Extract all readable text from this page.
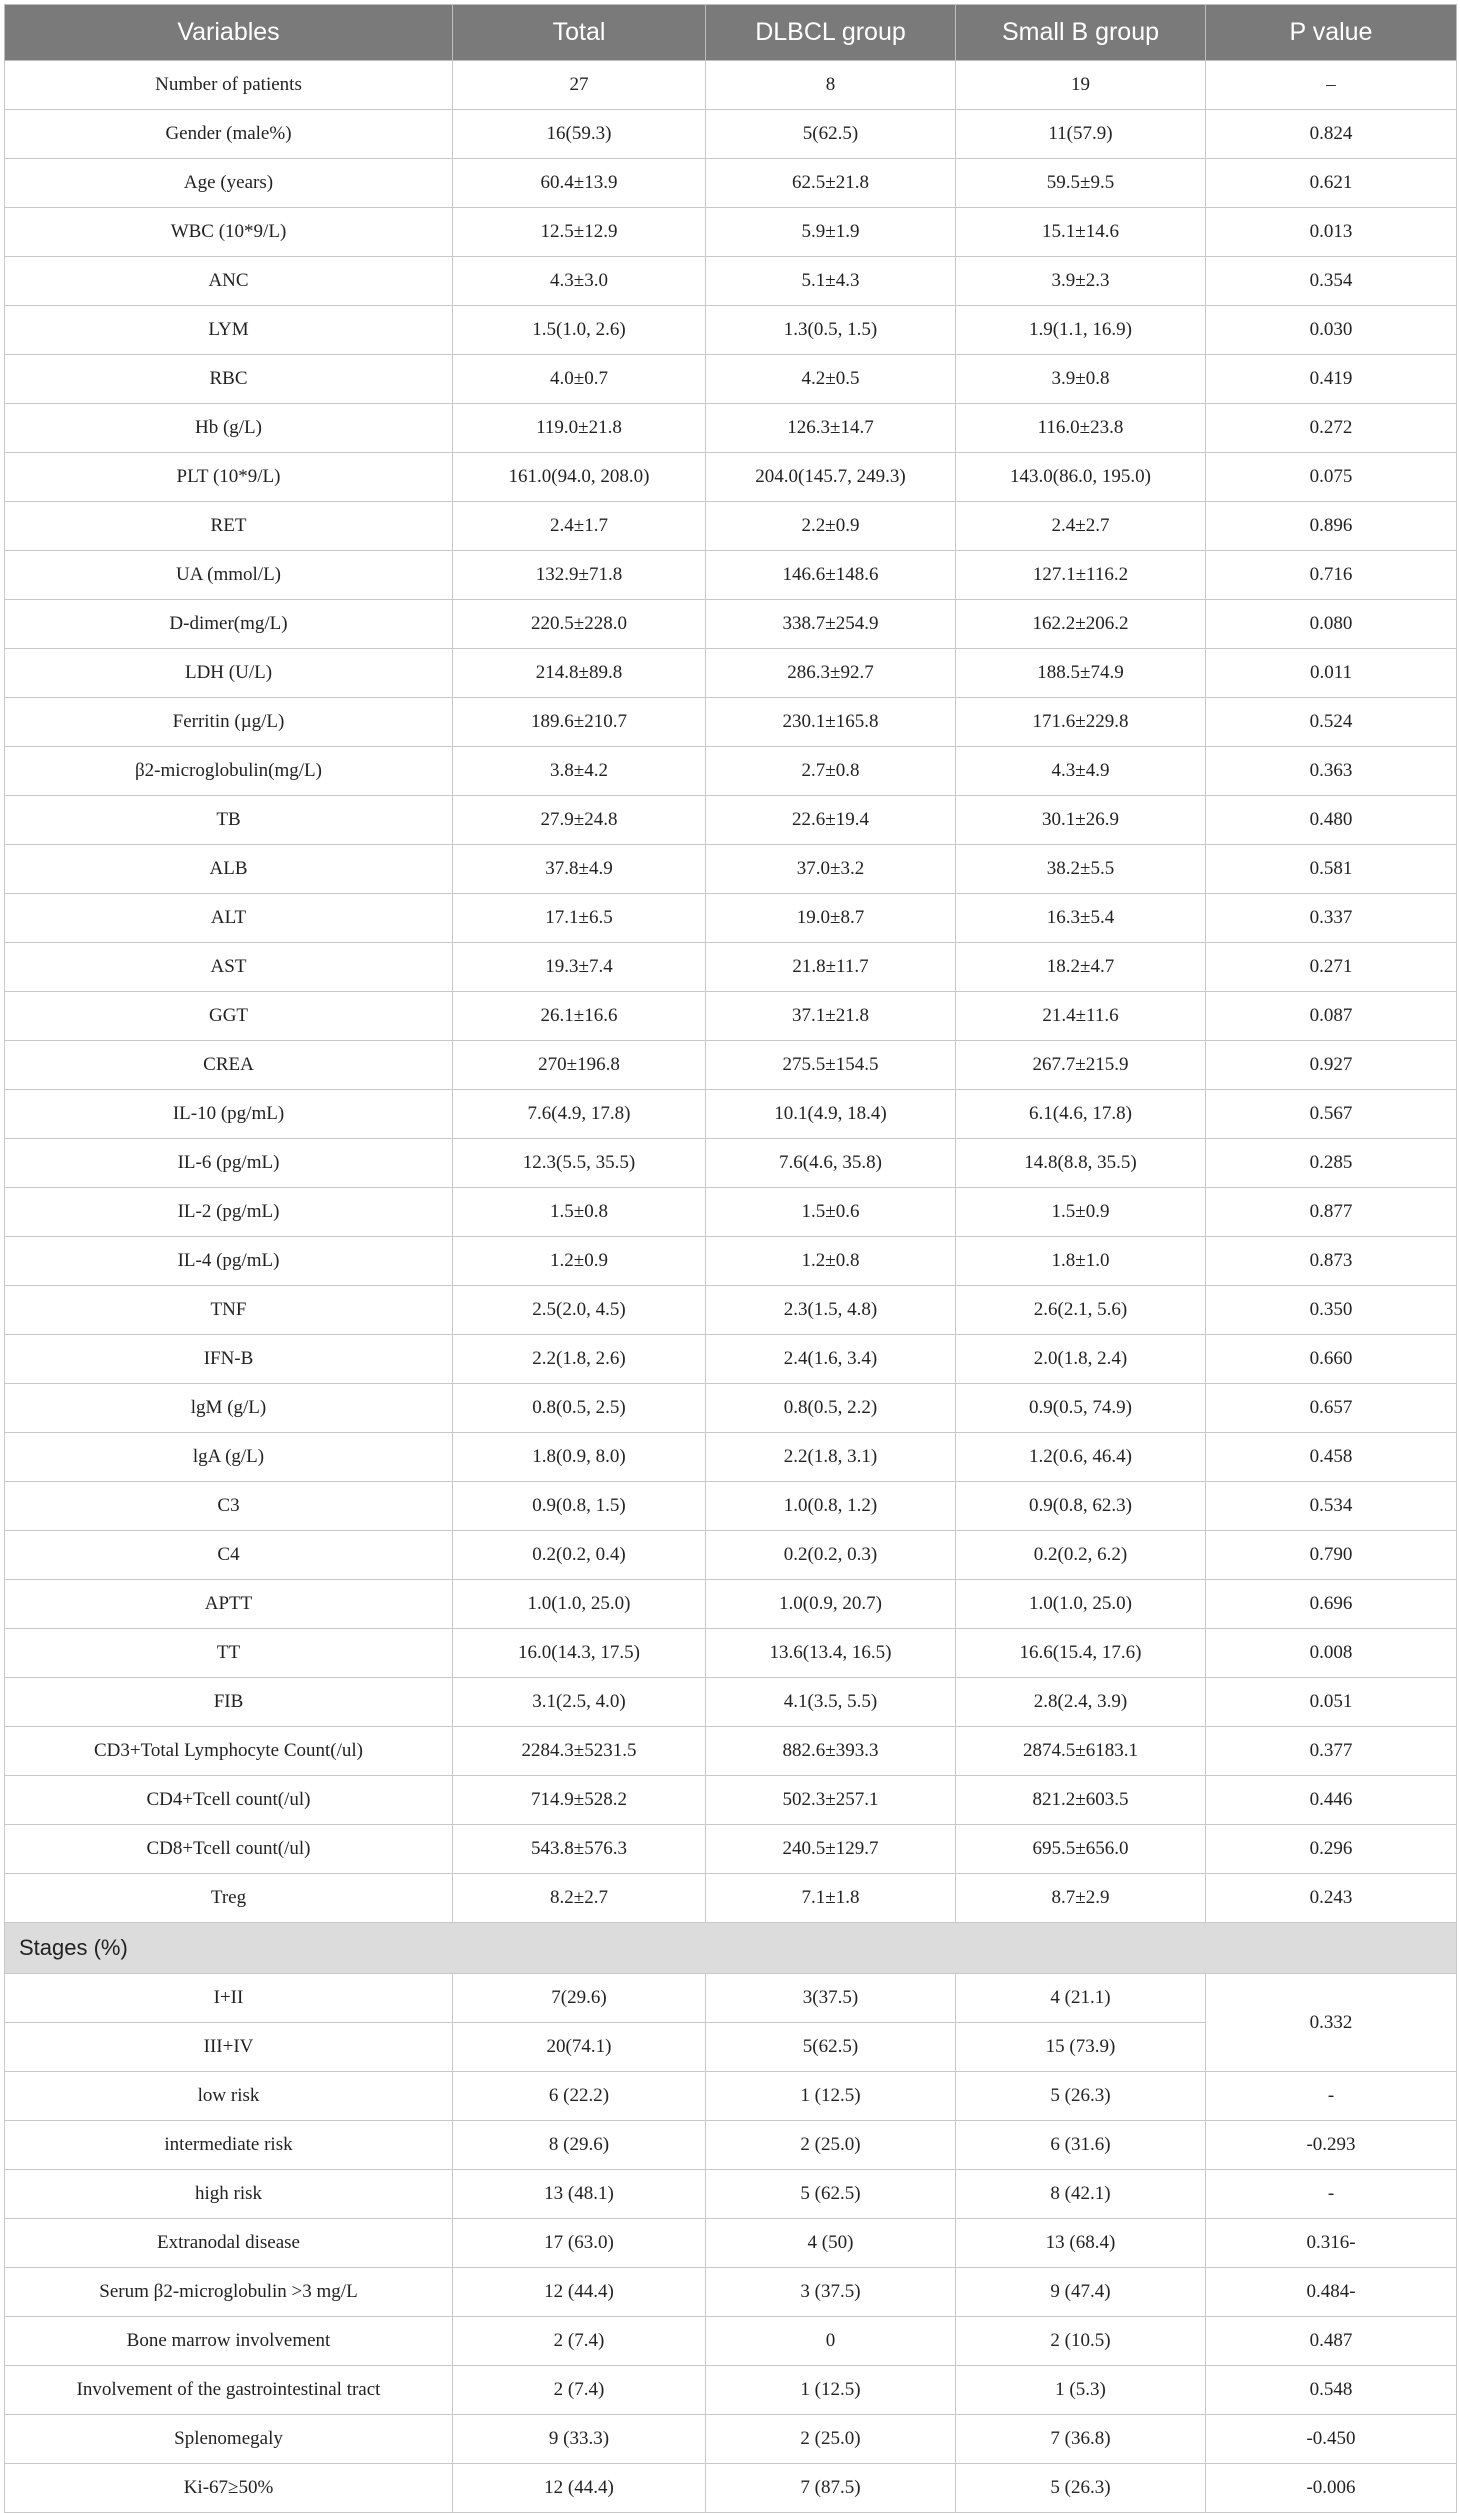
Variables	Total	DLBCL group	Small B group	P value
Number of patients	27	8	19	–
Gender (male%)	16(59.3)	5(62.5)	11(57.9)	0.824
Age (years)	60.4±13.9	62.5±21.8	59.5±9.5	0.621
WBC (10*9/L)	12.5±12.9	5.9±1.9	15.1±14.6	0.013
ANC	4.3±3.0	5.1±4.3	3.9±2.3	0.354
LYM	1.5(1.0, 2.6)	1.3(0.5, 1.5)	1.9(1.1, 16.9)	0.030
RBC	4.0±0.7	4.2±0.5	3.9±0.8	0.419
Hb (g/L)	119.0±21.8	126.3±14.7	116.0±23.8	0.272
PLT (10*9/L)	161.0(94.0, 208.0)	204.0(145.7, 249.3)	143.0(86.0, 195.0)	0.075
RET	2.4±1.7	2.2±0.9	2.4±2.7	0.896
UA (mmol/L)	132.9±71.8	146.6±148.6	127.1±116.2	0.716
D-dimer(mg/L)	220.5±228.0	338.7±254.9	162.2±206.2	0.080
LDH (U/L)	214.8±89.8	286.3±92.7	188.5±74.9	0.011
Ferritin (µg/L)	189.6±210.7	230.1±165.8	171.6±229.8	0.524
β2-microglobulin(mg/L)	3.8±4.2	2.7±0.8	4.3±4.9	0.363
TB	27.9±24.8	22.6±19.4	30.1±26.9	0.480
ALB	37.8±4.9	37.0±3.2	38.2±5.5	0.581
ALT	17.1±6.5	19.0±8.7	16.3±5.4	0.337
AST	19.3±7.4	21.8±11.7	18.2±4.7	0.271
GGT	26.1±16.6	37.1±21.8	21.4±11.6	0.087
CREA	270±196.8	275.5±154.5	267.7±215.9	0.927
IL-10 (pg/mL)	7.6(4.9, 17.8)	10.1(4.9, 18.4)	6.1(4.6, 17.8)	0.567
IL-6 (pg/mL)	12.3(5.5, 35.5)	7.6(4.6, 35.8)	14.8(8.8, 35.5)	0.285
IL-2 (pg/mL)	1.5±0.8	1.5±0.6	1.5±0.9	0.877
IL-4 (pg/mL)	1.2±0.9	1.2±0.8	1.8±1.0	0.873
TNF	2.5(2.0, 4.5)	2.3(1.5, 4.8)	2.6(2.1, 5.6)	0.350
IFN-B	2.2(1.8, 2.6)	2.4(1.6, 3.4)	2.0(1.8, 2.4)	0.660
lgM (g/L)	0.8(0.5, 2.5)	0.8(0.5, 2.2)	0.9(0.5, 74.9)	0.657
lgA (g/L)	1.8(0.9, 8.0)	2.2(1.8, 3.1)	1.2(0.6, 46.4)	0.458
C3	0.9(0.8, 1.5)	1.0(0.8, 1.2)	0.9(0.8, 62.3)	0.534
C4	0.2(0.2, 0.4)	0.2(0.2, 0.3)	0.2(0.2, 6.2)	0.790
APTT	1.0(1.0, 25.0)	1.0(0.9, 20.7)	1.0(1.0, 25.0)	0.696
TT	16.0(14.3, 17.5)	13.6(13.4, 16.5)	16.6(15.4, 17.6)	0.008
FIB	3.1(2.5, 4.0)	4.1(3.5, 5.5)	2.8(2.4, 3.9)	0.051
CD3+Total Lymphocyte Count(/ul)	2284.3±5231.5	882.6±393.3	2874.5±6183.1	0.377
CD4+Tcell count(/ul)	714.9±528.2	502.3±257.1	821.2±603.5	0.446
CD8+Tcell count(/ul)	543.8±576.3	240.5±129.7	695.5±656.0	0.296
Treg	8.2±2.7	7.1±1.8	8.7±2.9	0.243
Stages (%)				
I+II	7(29.6)	3(37.5)	4 (21.1)	0.332
III+IV	20(74.1)	5(62.5)	15 (73.9)	
low risk	6 (22.2)	1 (12.5)	5 (26.3)	-
intermediate risk	8 (29.6)	2 (25.0)	6 (31.6)	-0.293
high risk	13 (48.1)	5 (62.5)	8 (42.1)	-
Extranodal disease	17 (63.0)	4 (50)	13 (68.4)	0.316-
Serum β2-microglobulin >3 mg/L	12 (44.4)	3 (37.5)	9 (47.4)	0.484-
Bone marrow involvement	2 (7.4)	0	2 (10.5)	0.487
Involvement of the gastrointestinal tract	2 (7.4)	1 (12.5)	1 (5.3)	0.548
Splenomegaly	9 (33.3)	2 (25.0)	7 (36.8)	-0.450
Ki-67≥50%	12 (44.4)	7 (87.5)	5 (26.3)	-0.006
